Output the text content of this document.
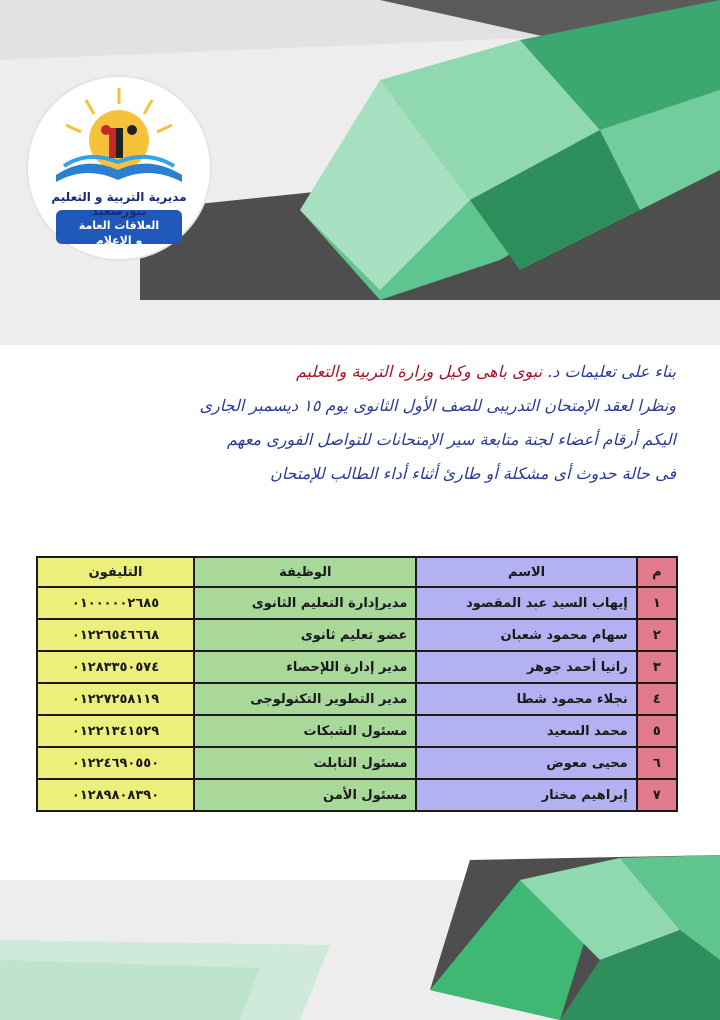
مديرية التربية و التعليم ببورسعيد
العلاقات العامة
و الإعلام
بناء على تعليمات د. نبوى باهى وكيل وزارة التربية والتعليم
ونظرا لعقد الإمتحان التدريبى للصف الأول الثانوى يوم ١٥ ديسمبر الجارى
اليكم أرقام أعضاء لجنة متابعة سير الإمتحانات للتواصل الفورى معهم
فى حالة حدوث أى مشكلة أو طارئ أثناء أداء الطالب للإمتحان
م	الاسم	الوظيفة	التليفون
١	إيهاب السيد عبد المقصود	مديرإدارة التعليم الثانوى	٠١٠٠٠٠٠٢٦٨٥
٢	سهام محمود شعبان	عضو تعليم ثانوى	٠١٢٢٦٥٤٦٦٦٨
٣	رانيا أحمد جوهر	مدير إدارة اللإحصاء	٠١٢٨٣٣٥٠٥٧٤
٤	نجلاء محمود شطا	مدير التطوير التكنولوجى	٠١٢٢٧٢٥٨١١٩
٥	محمد السعيد	مسئول الشبكات	٠١٢٢١٣٤١٥٢٩
٦	محيى معوض	مسئول التابلت	٠١٢٢٤٦٩٠٥٥٠
٧	إبراهيم مختار	مسئول الأمن	٠١٢٨٩٨٠٨٣٩٠
